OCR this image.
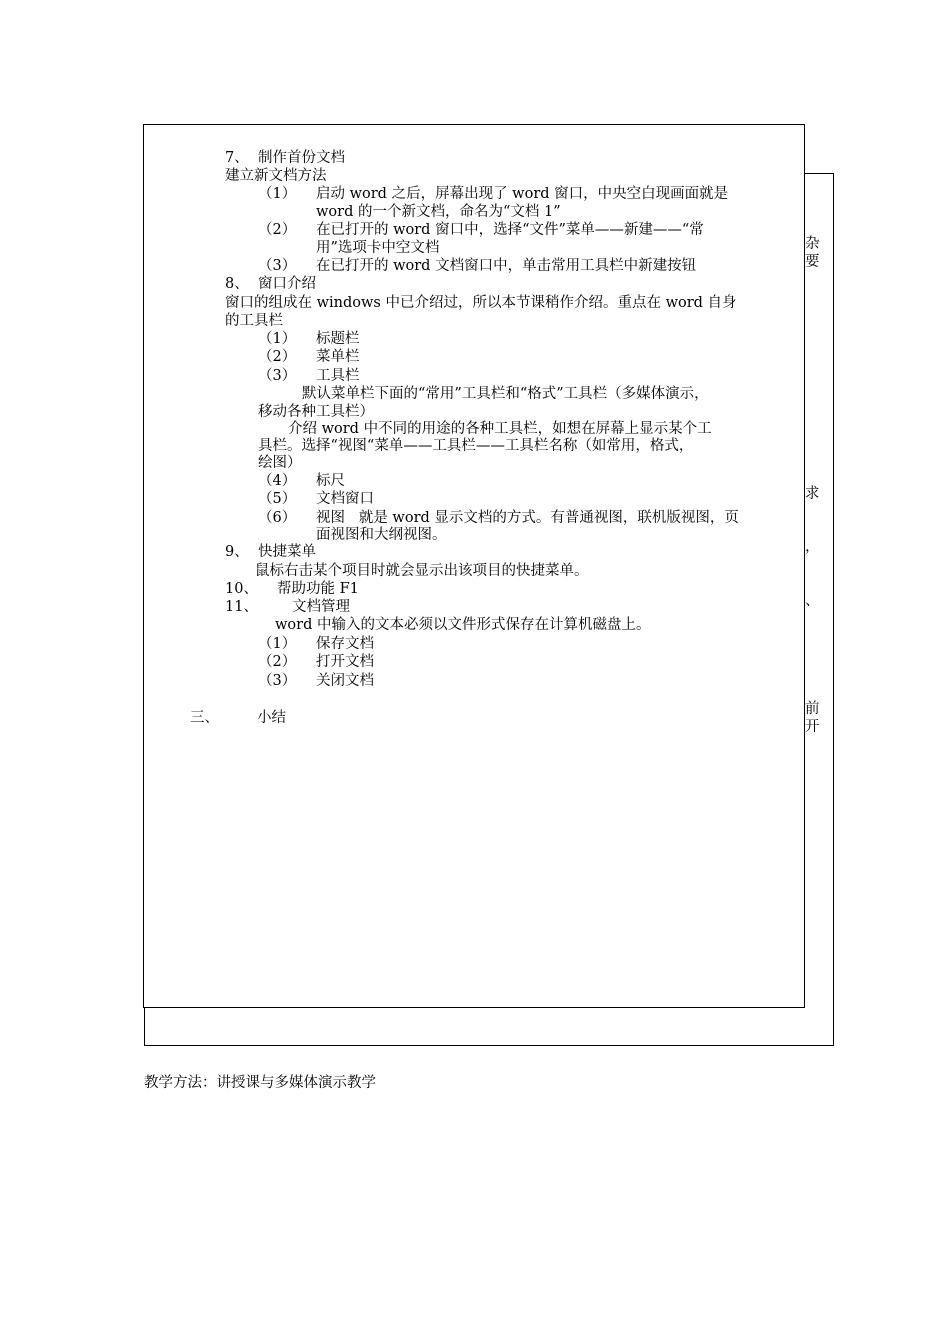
杂
要
求
，
、
前
开
7、  制作首份文档
建立新文档方法
（1） 启动 word 之后，屏幕出现了 word 窗口，中央空白现画面就是
word 的一个新文档，命名为“文档 1”
（2） 在已打开的 word 窗口中，选择“文件”菜单——新建——“常
用”选项卡中空文档
（3） 在已打开的 word 文档窗口中，单击常用工具栏中新建按钮
8、  窗口介绍
窗口的组成在 windows 中已介绍过，所以本节课稍作介绍。重点在 word 自身
的工具栏
（1） 标题栏
（2） 菜单栏
（3） 工具栏
默认菜单栏下面的“常用”工具栏和“格式”工具栏（多媒体演示，
移动各种工具栏）
介绍 word 中不同的用途的各种工具栏，如想在屏幕上显示某个工
具栏。选择“视图“菜单——工具栏——工具栏名称（如常用，格式，
绘图）
（4） 标尺
（5） 文档窗口
（6） 视图   就是 word 显示文档的方式。有普通视图，联机版视图，页
面视图和大纲视图。
9、  快捷菜单
鼠标右击某个项目时就会显示出该项目的快捷菜单。
10、 帮助功能 F1
11、 文档管理
word 中输入的文本必须以文件形式保存在计算机磁盘上。
（1） 保存文档
（2） 打开文档
（3） 关闭文档
三、	小结
教学方法：讲授课与多媒体演示教学
